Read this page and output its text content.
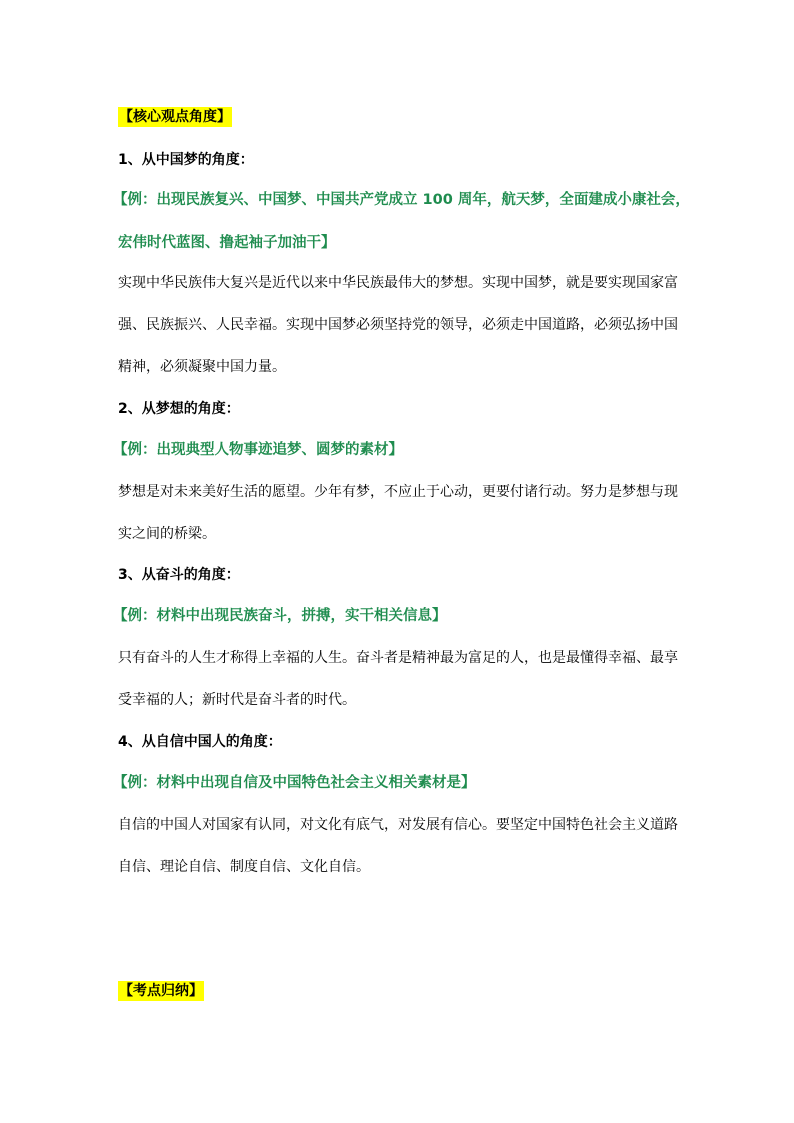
【核心观点角度】
1、从中国梦的角度：
【例：出现民族复兴、中国梦、中国共产党成立 100 周年，航天梦，全面建成小康社会，
宏伟时代蓝图、撸起袖子加油干】
实现中华民族伟大复兴是近代以来中华民族最伟大的梦想。实现中国梦，就是要实现国家富
强、民族振兴、人民幸福。实现中国梦必须坚持党的领导，必须走中国道路，必须弘扬中国
精神，必须凝聚中国力量。
2、从梦想的角度：
【例：出现典型人物事迹追梦、圆梦的素材】
梦想是对未来美好生活的愿望。少年有梦，不应止于心动，更要付诸行动。努力是梦想与现
实之间的桥梁。
3、从奋斗的角度：
【例：材料中出现民族奋斗，拼搏，实干相关信息】
只有奋斗的人生才称得上幸福的人生。奋斗者是精神最为富足的人，也是最懂得幸福、最享
受幸福的人；新时代是奋斗者的时代。
4、从自信中国人的角度：
【例：材料中出现自信及中国特色社会主义相关素材是】
自信的中国人对国家有认同，对文化有底气，对发展有信心。要坚定中国特色社会主义道路
自信、理论自信、制度自信、文化自信。
【考点归纳】
